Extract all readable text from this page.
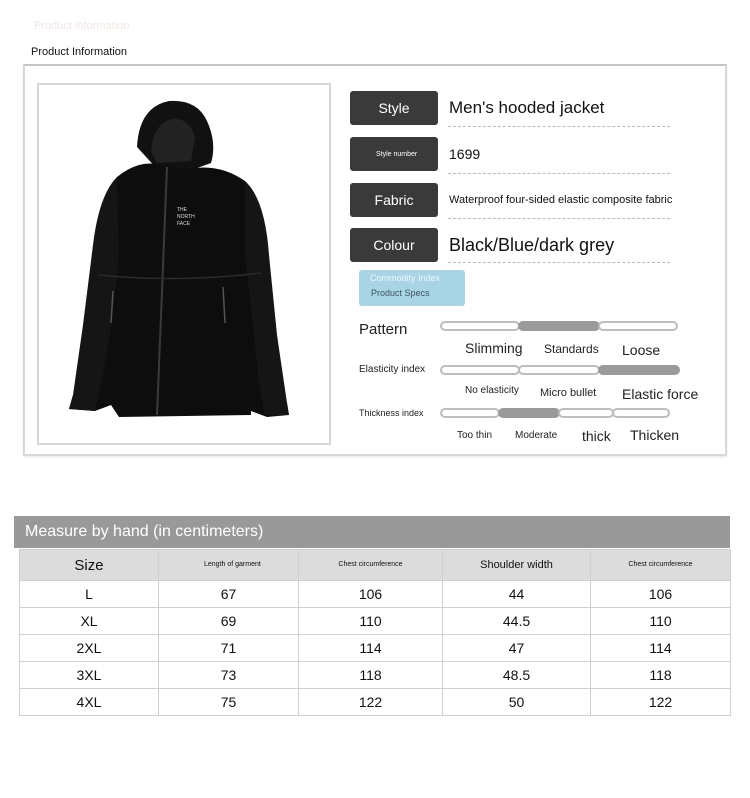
Product information
Product Information
THE
NORTH
FACE
Style	Men's hooded jacket
Style number	1699
Fabric	Waterproof four-sided elastic composite fabric
Colour	Black/Blue/dark grey
Commodity Index
Product Specs
Pattern
Slimming Standards Loose
Elasticity index
No elasticity Micro bullet Elastic force
Thickness index
Too thin Moderate thick Thicken
Measure by hand (in centimeters)
Size	Length of garment	Chest circumference	Shoulder width	Chest circumference
L	67	106	44	106
XL	69	110	44.5	110
2XL	71	114	47	114
3XL	73	118	48.5	118
4XL	75	122	50	122
